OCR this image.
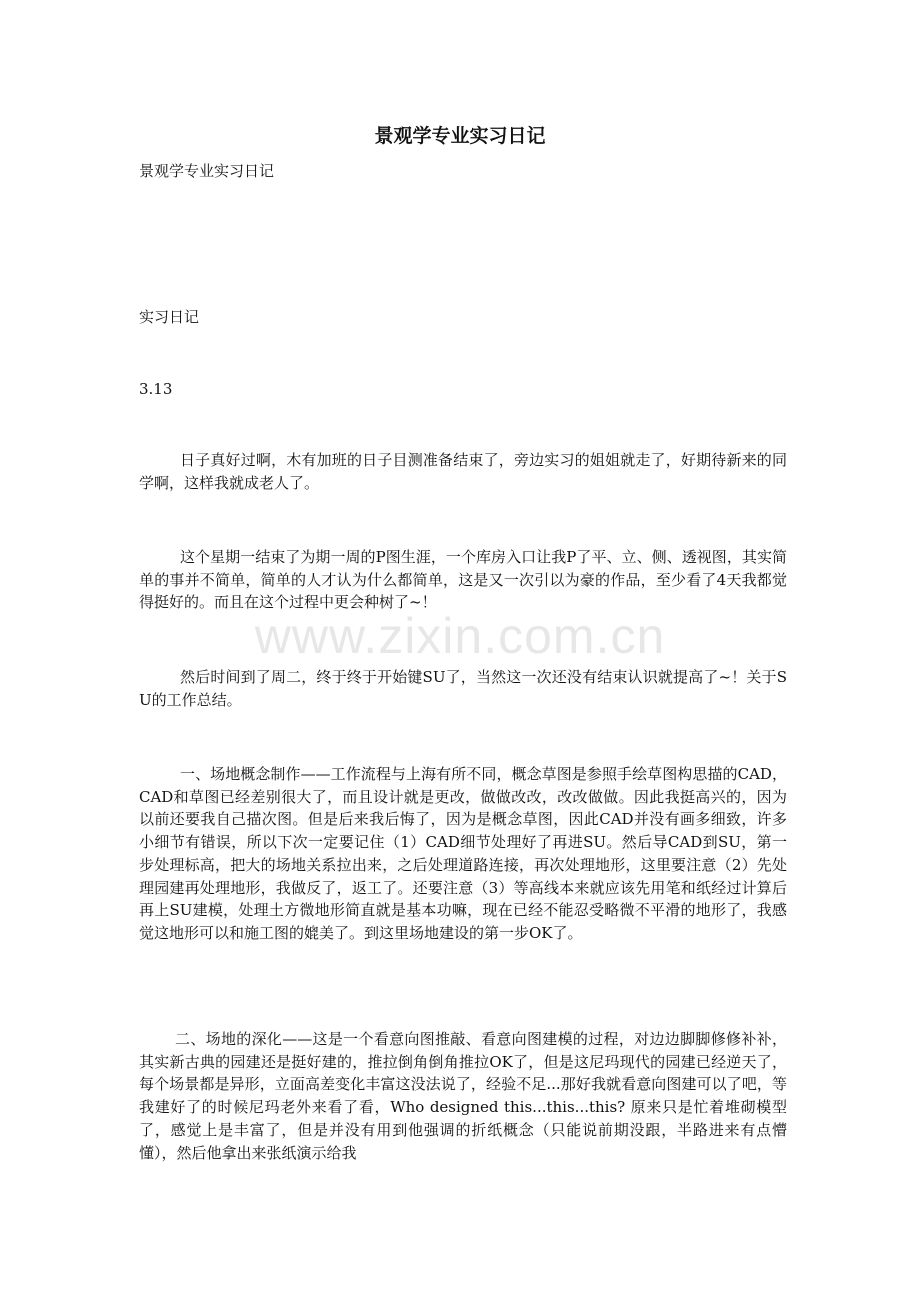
景观学专业实习日记

景观学专业实习日记

实习日记

3.13

日子真好过啊，木有加班的日子目测准备结束了，旁边实习的姐姐就走了，好期待新来的同学啊，这样我就成老人了。

这个星期一结束了为期一周的P图生涯，一个库房入口让我P了平、立、侧、透视图，其实简单的事并不简单，简单的人才认为什么都简单，这是又一次引以为豪的作品，至少看了4天我都觉得挺好的。而且在这个过程中更会种树了~！

然后时间到了周二，终于终于开始键SU了，当然这一次还没有结束认识就提高了~！关于SU的工作总结。

一、场地概念制作——工作流程与上海有所不同，概念草图是参照手绘草图构思描的CAD，CAD和草图已经差别很大了，而且设计就是更改，做做改改，改改做做。因此我挺高兴的，因为以前还要我自己描次图。但是后来我后悔了，因为是概念草图，因此CAD并没有画多细致，许多小细节有错误，所以下次一定要记住（1）CAD细节处理好了再进SU。然后导CAD到SU，第一步处理标高，把大的场地关系拉出来，之后处理道路连接，再次处理地形，这里要注意（2）先处理园建再处理地形，我做反了，返工了。还要注意（3）等高线本来就应该先用笔和纸经过计算后再上SU建模，处理土方微地形简直就是基本功嘛，现在已经不能忍受略微不平滑的地形了，我感觉这地形可以和施工图的媲美了。到这里场地建设的第一步OK了。

二、场地的深化——这是一个看意向图推敲、看意向图建模的过程，对边边脚脚修修补补，其实新古典的园建还是挺好建的，推拉倒角倒角推拉OK了，但是这尼玛现代的园建已经逆天了，每个场景都是异形，立面高差变化丰富这没法说了，经验不足...那好我就看意向图建可以了吧，等我建好了的时候尼玛老外来看了看，Who designed this...this...this? 原来只是忙着堆砌模型了，感觉上是丰富了，但是并没有用到他强调的折纸概念（只能说前期没跟，半路进来有点懵懂），然后他拿出来张纸演示给我

www.zixin.com.cn
